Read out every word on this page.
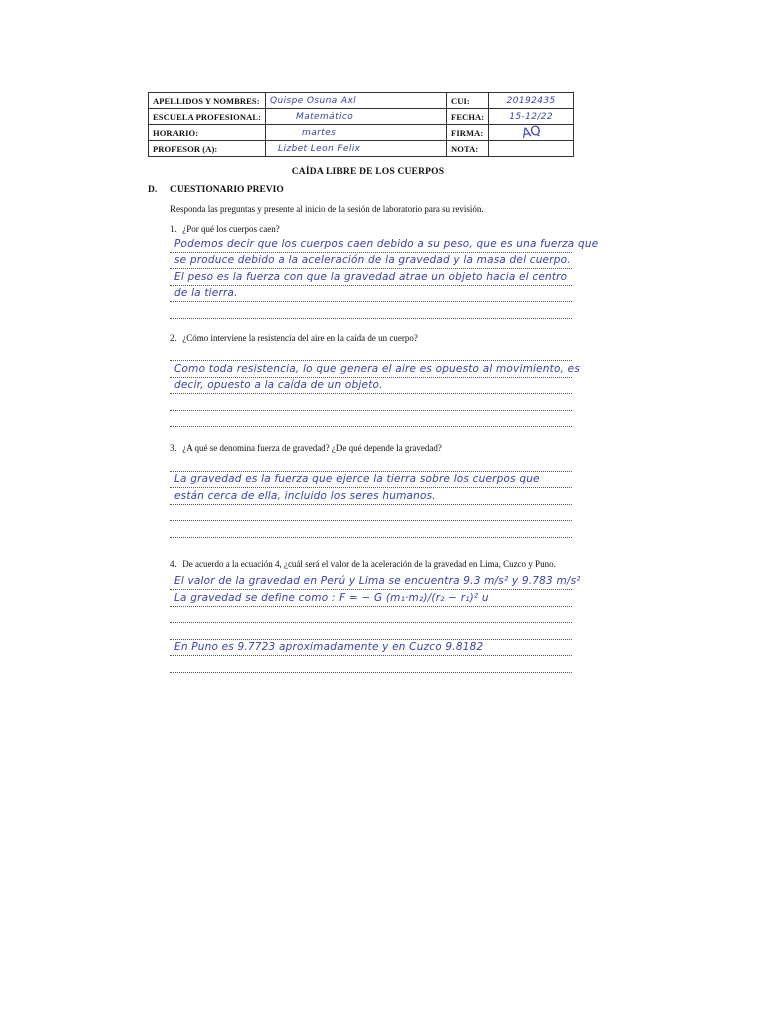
APELLIDOS Y NOMBRES:	Quispe Osuna Axl	CUI:	20192435
ESCUELA PROFESIONAL:	Matemático	FECHA:	15-12/22
HORARIO:	martes	FIRMA:	AQ
PROFESOR (A):	Lizbet Leon Felix	NOTA:	
CAÍDA LIBRE DE LOS CUERPOS
D. CUESTIONARIO PREVIO
Responda las preguntas y presente al inicio de la sesión de laboratorio para su revisión.
1. ¿Por qué los cuerpos caen?
Podemos decir que los cuerpos caen debido a su peso, que es una fuerza que
se produce debido a la aceleración de la gravedad y la masa del cuerpo.
El peso es la fuerza con que la gravedad atrae un objeto hacia el centro
de la tierra.
2. ¿Cómo interviene la resistencia del aire en la caída de un cuerpo?
Como toda resistencia, lo que genera el aire es opuesto al movimiento, es
decir, opuesto a la caída de un objeto.
3. ¿A qué se denomina fuerza de gravedad? ¿De qué depende la gravedad?
La gravedad es la fuerza que ejerce la tierra sobre los cuerpos que
están cerca de ella, incluido los seres humanos.
4. De acuerdo a la ecuación 4, ¿cuál será el valor de la aceleración de la gravedad en Lima, Cuzco y Puno.
El valor de la gravedad en Perú y Lima se encuentra 9.3 m/s² y 9.783 m/s²
La gravedad se define como : F = − G (m₁·m₂)/(r₂ − r₁)² u
En Puno es 9.7723 aproximadamente y en Cuzco 9.8182
